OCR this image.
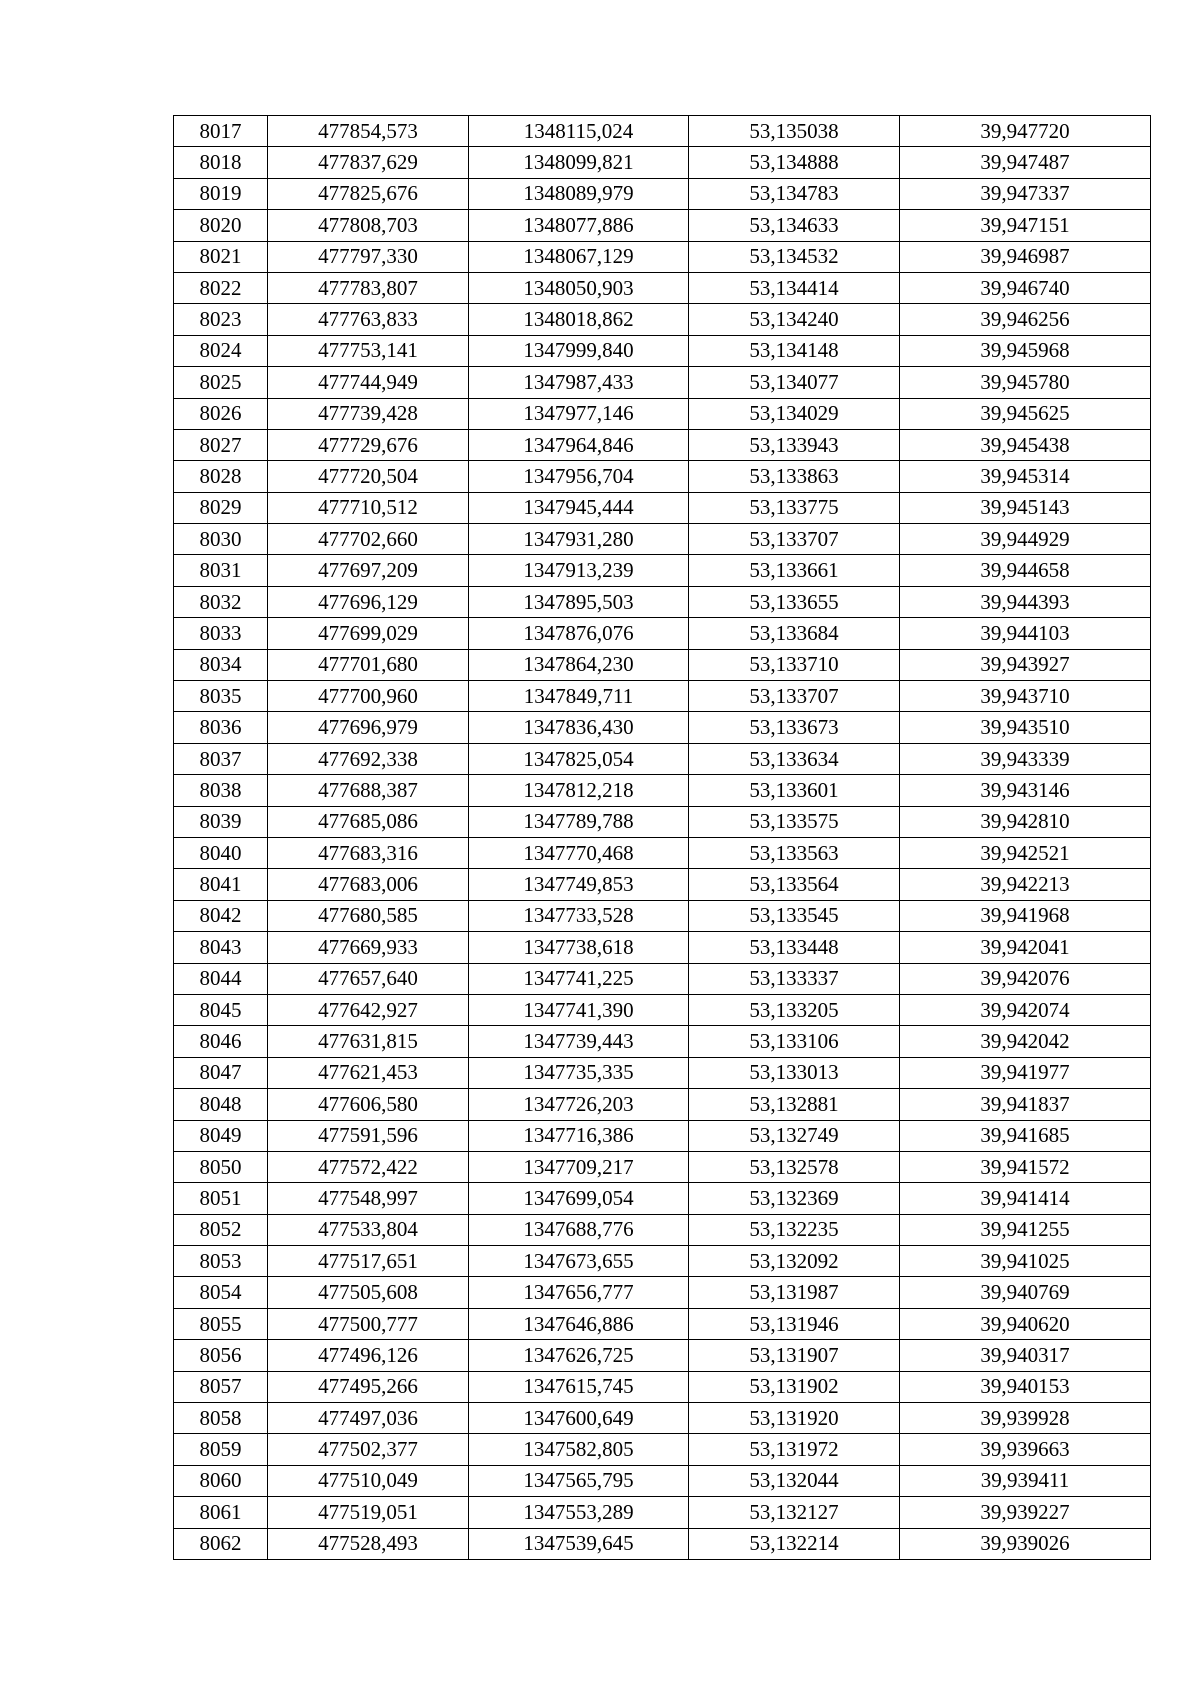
8017	477854,573	1348115,024	53,135038	39,947720
8018	477837,629	1348099,821	53,134888	39,947487
8019	477825,676	1348089,979	53,134783	39,947337
8020	477808,703	1348077,886	53,134633	39,947151
8021	477797,330	1348067,129	53,134532	39,946987
8022	477783,807	1348050,903	53,134414	39,946740
8023	477763,833	1348018,862	53,134240	39,946256
8024	477753,141	1347999,840	53,134148	39,945968
8025	477744,949	1347987,433	53,134077	39,945780
8026	477739,428	1347977,146	53,134029	39,945625
8027	477729,676	1347964,846	53,133943	39,945438
8028	477720,504	1347956,704	53,133863	39,945314
8029	477710,512	1347945,444	53,133775	39,945143
8030	477702,660	1347931,280	53,133707	39,944929
8031	477697,209	1347913,239	53,133661	39,944658
8032	477696,129	1347895,503	53,133655	39,944393
8033	477699,029	1347876,076	53,133684	39,944103
8034	477701,680	1347864,230	53,133710	39,943927
8035	477700,960	1347849,711	53,133707	39,943710
8036	477696,979	1347836,430	53,133673	39,943510
8037	477692,338	1347825,054	53,133634	39,943339
8038	477688,387	1347812,218	53,133601	39,943146
8039	477685,086	1347789,788	53,133575	39,942810
8040	477683,316	1347770,468	53,133563	39,942521
8041	477683,006	1347749,853	53,133564	39,942213
8042	477680,585	1347733,528	53,133545	39,941968
8043	477669,933	1347738,618	53,133448	39,942041
8044	477657,640	1347741,225	53,133337	39,942076
8045	477642,927	1347741,390	53,133205	39,942074
8046	477631,815	1347739,443	53,133106	39,942042
8047	477621,453	1347735,335	53,133013	39,941977
8048	477606,580	1347726,203	53,132881	39,941837
8049	477591,596	1347716,386	53,132749	39,941685
8050	477572,422	1347709,217	53,132578	39,941572
8051	477548,997	1347699,054	53,132369	39,941414
8052	477533,804	1347688,776	53,132235	39,941255
8053	477517,651	1347673,655	53,132092	39,941025
8054	477505,608	1347656,777	53,131987	39,940769
8055	477500,777	1347646,886	53,131946	39,940620
8056	477496,126	1347626,725	53,131907	39,940317
8057	477495,266	1347615,745	53,131902	39,940153
8058	477497,036	1347600,649	53,131920	39,939928
8059	477502,377	1347582,805	53,131972	39,939663
8060	477510,049	1347565,795	53,132044	39,939411
8061	477519,051	1347553,289	53,132127	39,939227
8062	477528,493	1347539,645	53,132214	39,939026
